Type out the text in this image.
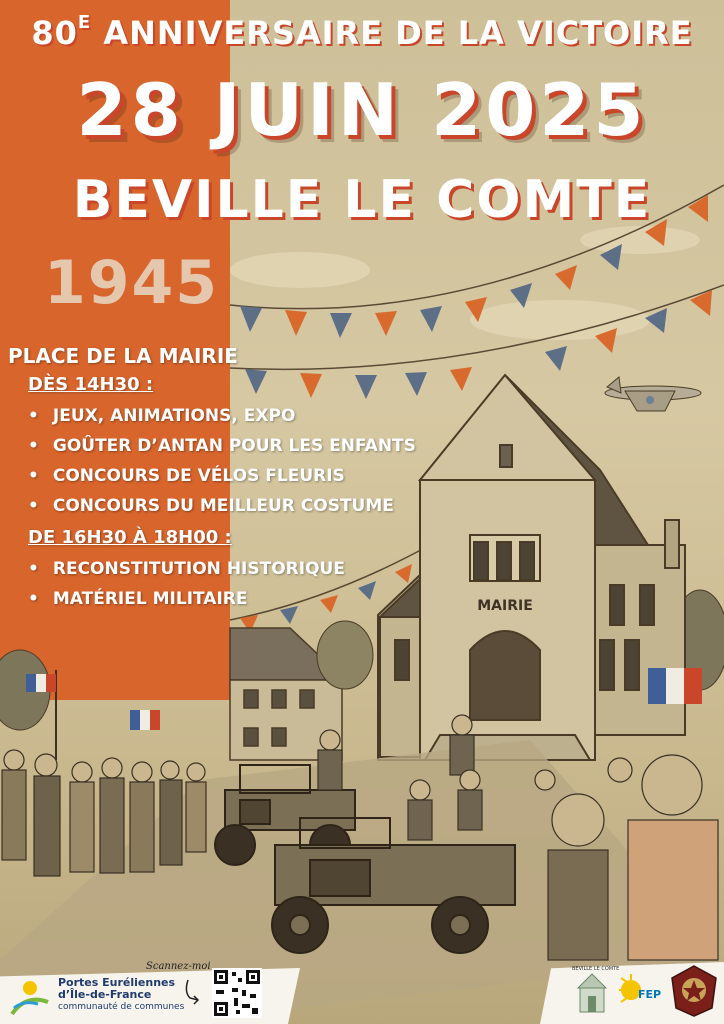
MAIRIE
$80^E$ ANNIVERSAIRE DE LA VICTOIRE
28 JUIN 2025
BEVILLE LE COMTE
1945
PLACE DE LA MAIRIE
DÈS 14H30 :
• JEUX, ANIMATIONS, EXPO
• GOÛTER D’ANTAN POUR LES ENFANTS
• CONCOURS DE VÉLOS FLEURIS
• CONCOURS DU MEILLEUR COSTUME
DE 16H30 À 18H00 :
• RECONSTITUTION HISTORIQUE
• MATÉRIEL MILITAIRE
Portes Euréliennes d’Île-de-France
communauté de communes
Scannez-moi	BEVILLE LE COMTE
FEP
